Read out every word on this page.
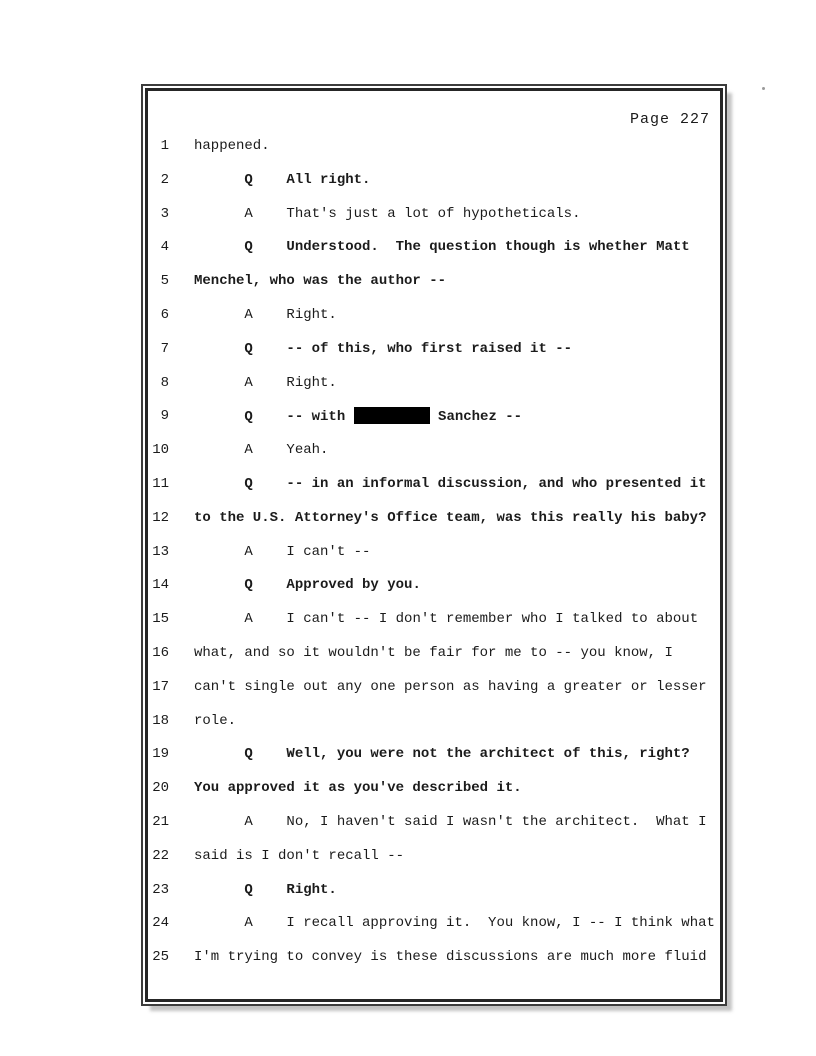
Page 227
1	happened.
2	Q    All right.
3	A    That's just a lot of hypotheticals.
4	Q    Understood.  The question though is whether Matt
5	Menchel, who was the author --
6	A    Right.
7	Q    -- of this, who first raised it --
8	A    Right.
9	Q    -- with	Sanchez --
10	A    Yeah.
11	Q    -- in an informal discussion, and who presented it
12	to the U.S. Attorney's Office team, was this really his baby?
13	A    I can't --
14	Q    Approved by you.
15	A    I can't -- I don't remember who I talked to about
16	what, and so it wouldn't be fair for me to -- you know, I
17	can't single out any one person as having a greater or lesser
18	role.
19	Q    Well, you were not the architect of this, right?
20	You approved it as you've described it.
21	A    No, I haven't said I wasn't the architect.  What I
22	said is I don't recall --
23	Q    Right.
24	A    I recall approving it.  You know, I -- I think what
25	I'm trying to convey is these discussions are much more fluid
